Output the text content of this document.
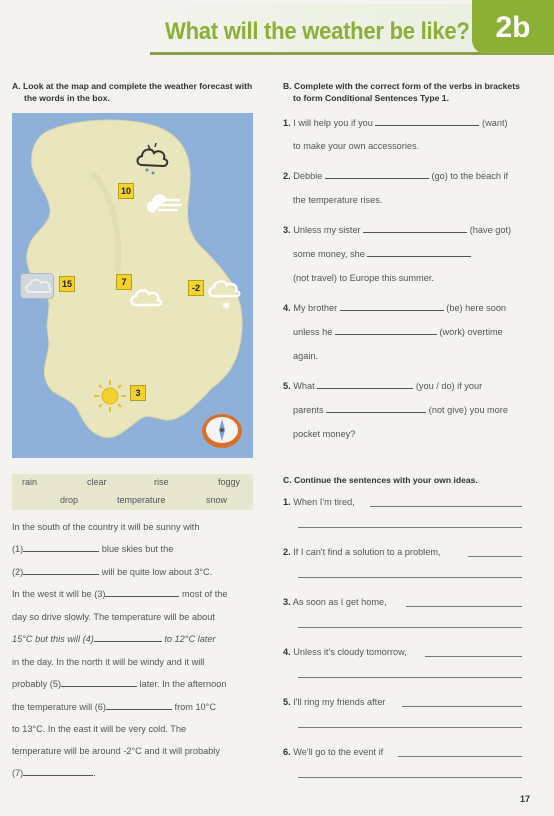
What will the weather be like? 2b
A. Look at the map and complete the weather forecast with
the words in the box.
10
15	7
-2
✱
3
rain	clear	rise	foggy
drop	temperature	snow
In the south of the country it will be sunny with
(1)	blue skies but the
(2)	will be quite low about 3°C.
In the west it will be (3)	most of the
day so drive slowly. The temperature will be about
15°C but this will (4)	to 12°C later
in the day. In the north it will be windy and it will
probably (5)	later. In the afternoon
the temperature will (6)	from 10°C
to 13°C. In the east it will be very cold. The
temperature will be around -2°C and it will probably
(7)	.
B. Complete with the correct form of the verbs in brackets
to form Conditional Sentences Type 1.
1. I will help you if you	(want)
to make your own accessories.
2. Debbie	(go) to the beach if
the temperature rises.
3. Unless my sister	(have got)
some money, she
(not travel) to Europe this summer.
4. My brother	(be) here soon
unless he	(work) overtime
again.
5. What	(you / do) if your
parents	(not give) you more
pocket money?
C. Continue the sentences with your own ideas.
1. When I'm tired,
2. If I can't find a solution to a problem,
3. As soon as I get home,
4. Unless it's cloudy tomorrow,
5. I'll ring my friends after
6. We'll go to the event if
17
